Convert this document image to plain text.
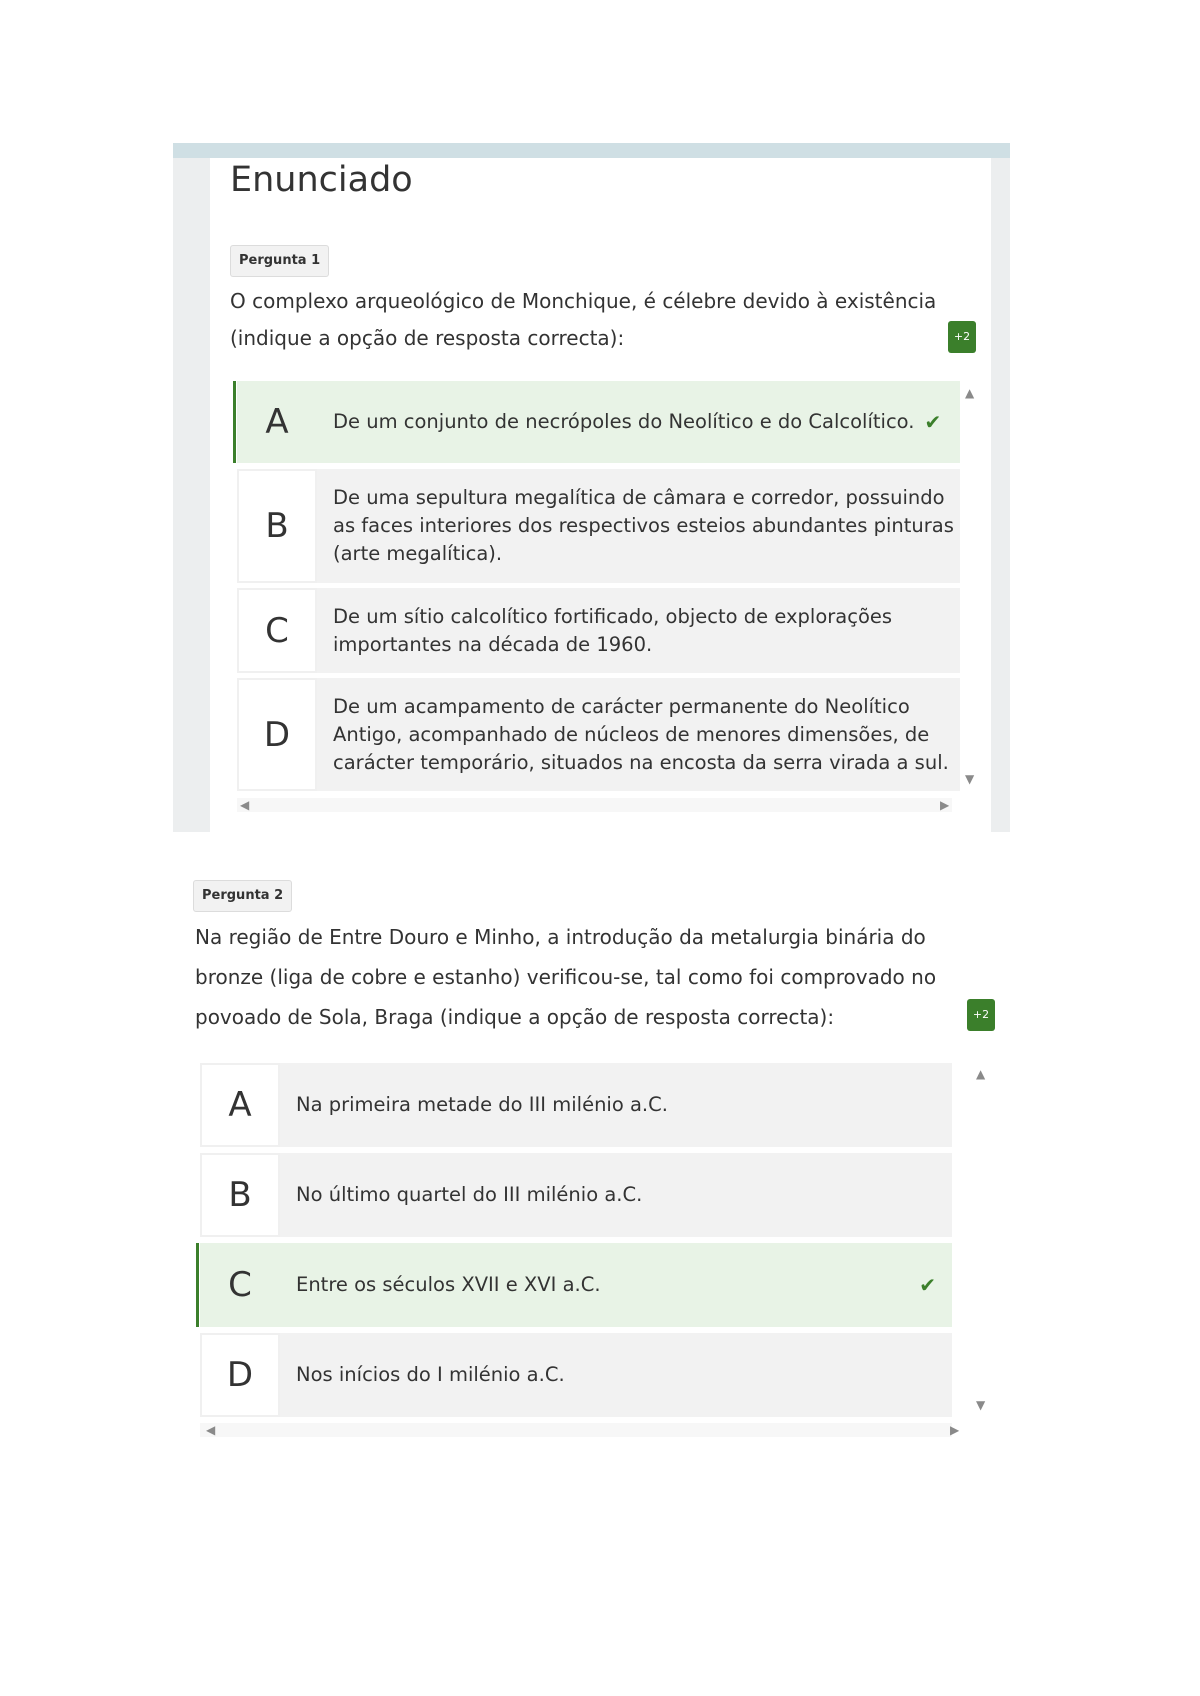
Enunciado
Pergunta 1
O complexo arqueológico de Monchique, é célebre devido à existência
(indique a opção de resposta correcta):	+2
A	De um conjunto de necrópoles do Neolítico e do Calcolítico. ✔
B
De uma sepultura megalítica de câmara e corredor, possuindo
as faces interiores dos respectivos esteios abundantes pinturas
(arte megalítica).
C	De um sítio calcolítico fortificado, objecto de explorações
importantes na década de 1960.
D
De um acampamento de carácter permanente do Neolítico
Antigo, acompanhado de núcleos de menores dimensões, de
carácter temporário, situados na encosta da serra virada a sul.
▲
▼
◀	▶
Pergunta 2
Na região de Entre Douro e Minho, a introdução da metalurgia binária do
bronze (liga de cobre e estanho) verificou-se, tal como foi comprovado no
povoado de Sola, Braga (indique a opção de resposta correcta):	+2
A	Na primeira metade do III milénio a.C.
B	No último quartel do III milénio a.C.
C	Entre os séculos XVII e XVI a.C.	✔
D	Nos inícios do I milénio a.C.
▲
▼
◀	▶
